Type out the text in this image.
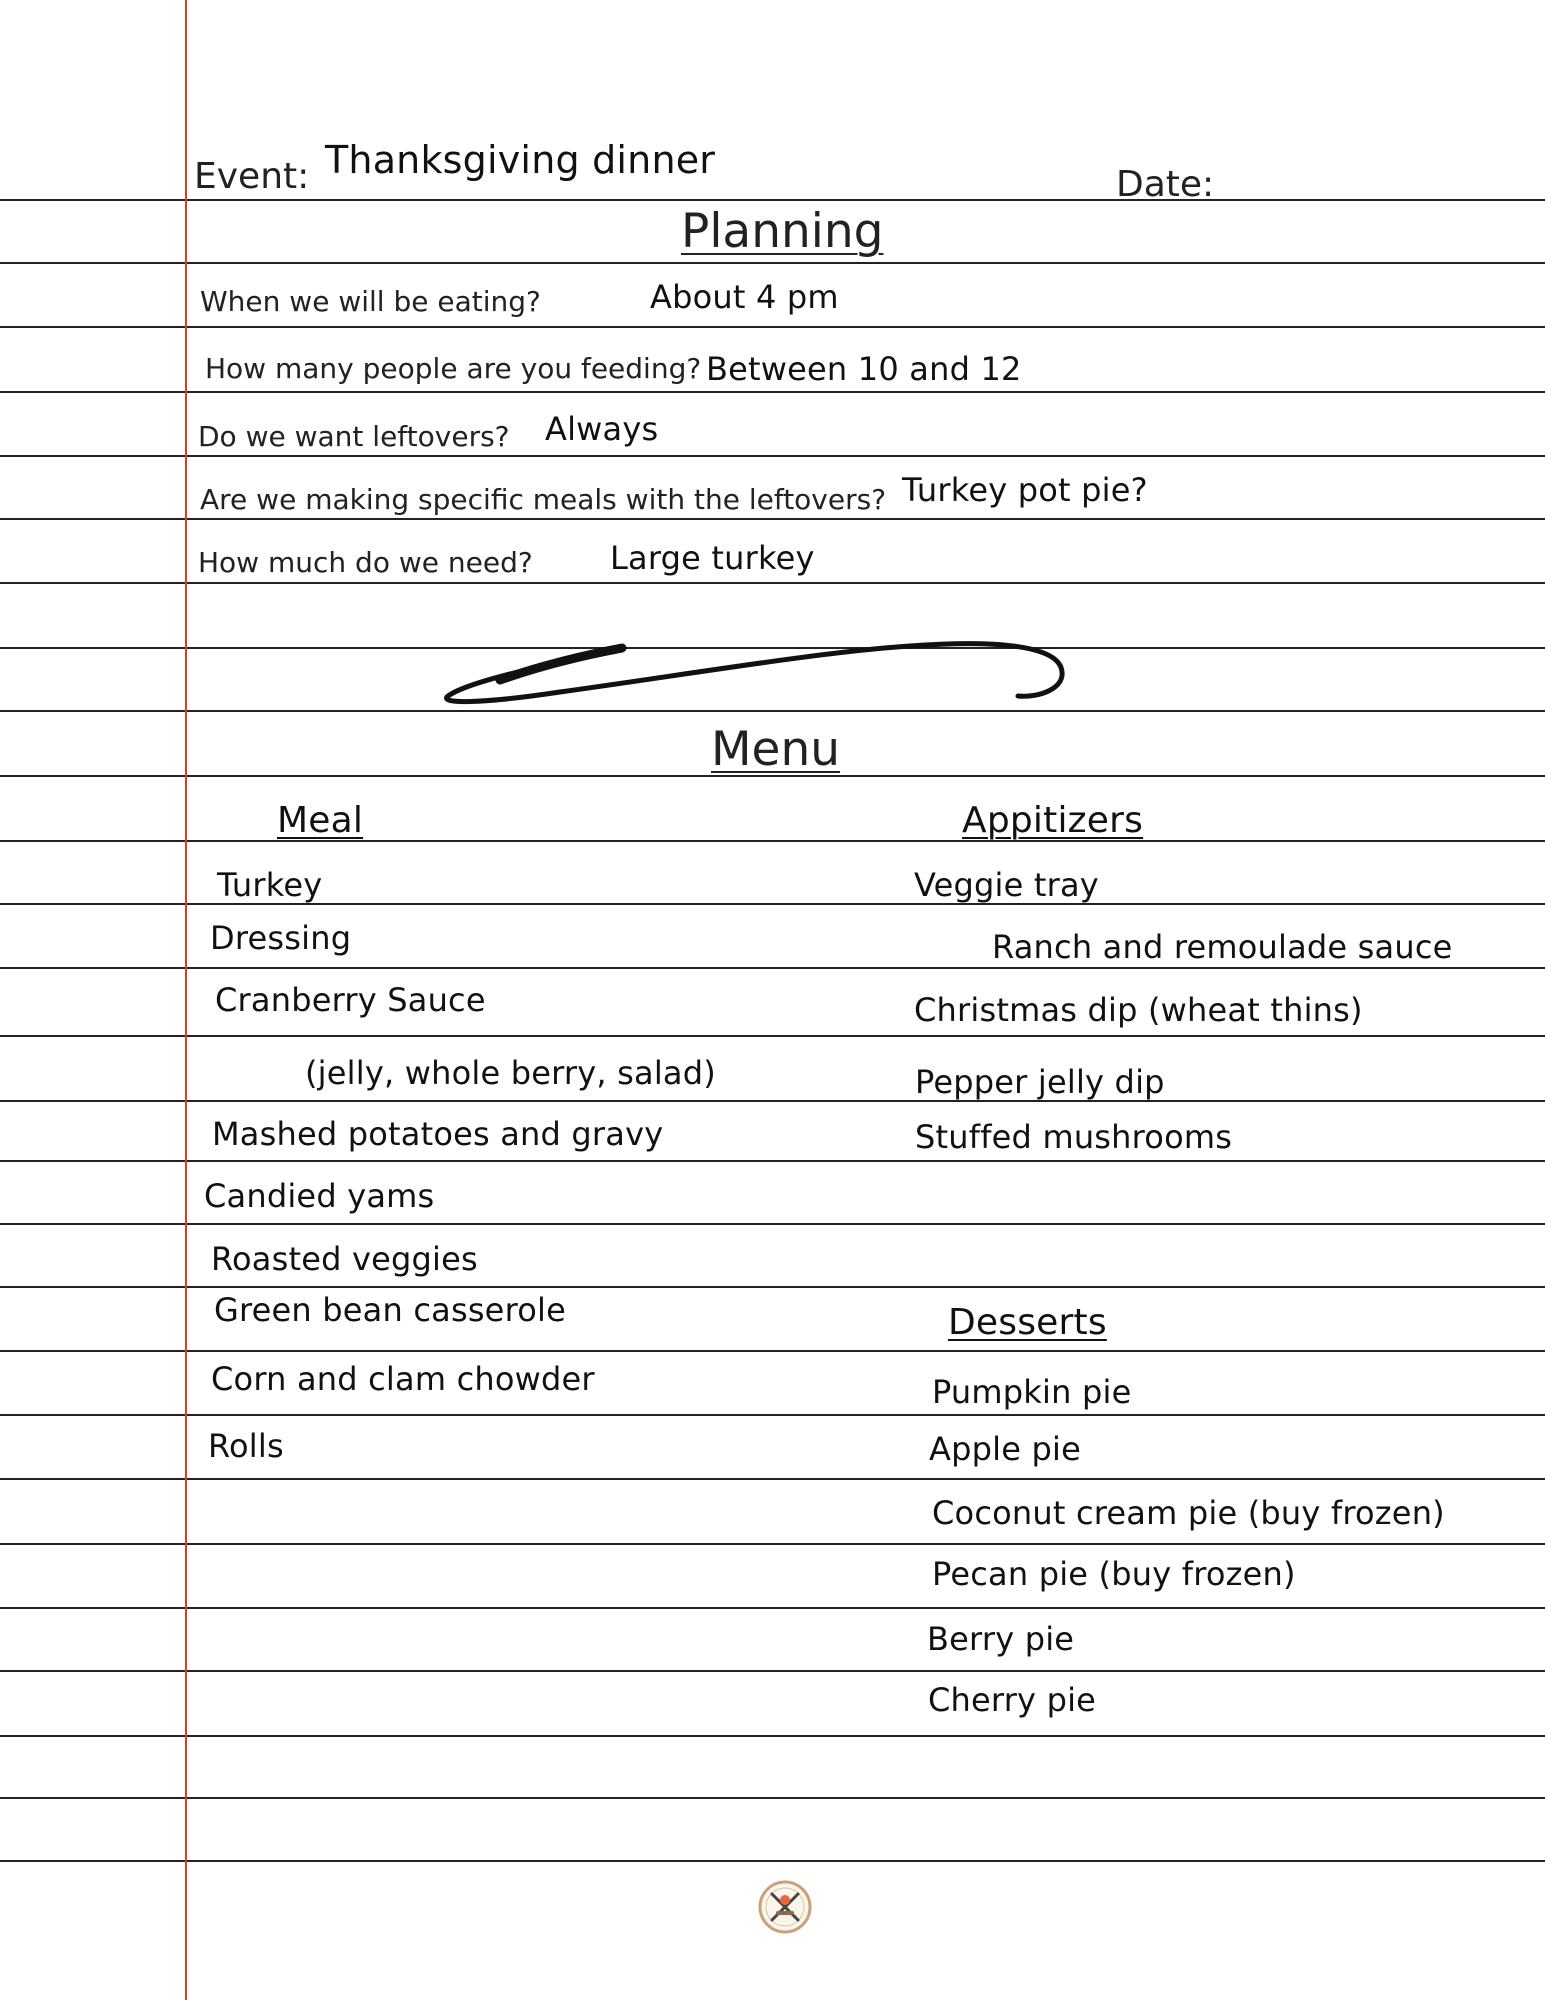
Event: Thanksgiving dinner
Date:
Planning
When we will be eating?	About 4 pm
How many people are you feeding? Between 10 and 12
Do we want leftovers? Always
Are we making specific meals with the leftovers? Turkey pot pie?
How much do we need? Large turkey
Menu
Meal	Appitizers
Turkey
Dressing
Cranberry Sauce
(jelly, whole berry, salad)
Mashed potatoes and gravy
Candied yams
Roasted veggies
Green bean casserole
Corn and clam chowder
Rolls
Veggie tray
Ranch and remoulade sauce
Christmas dip (wheat thins)
Pepper jelly dip
Stuffed mushrooms
Desserts
Pumpkin pie
Apple pie
Coconut cream pie (buy frozen)
Pecan pie (buy frozen)
Berry pie
Cherry pie
